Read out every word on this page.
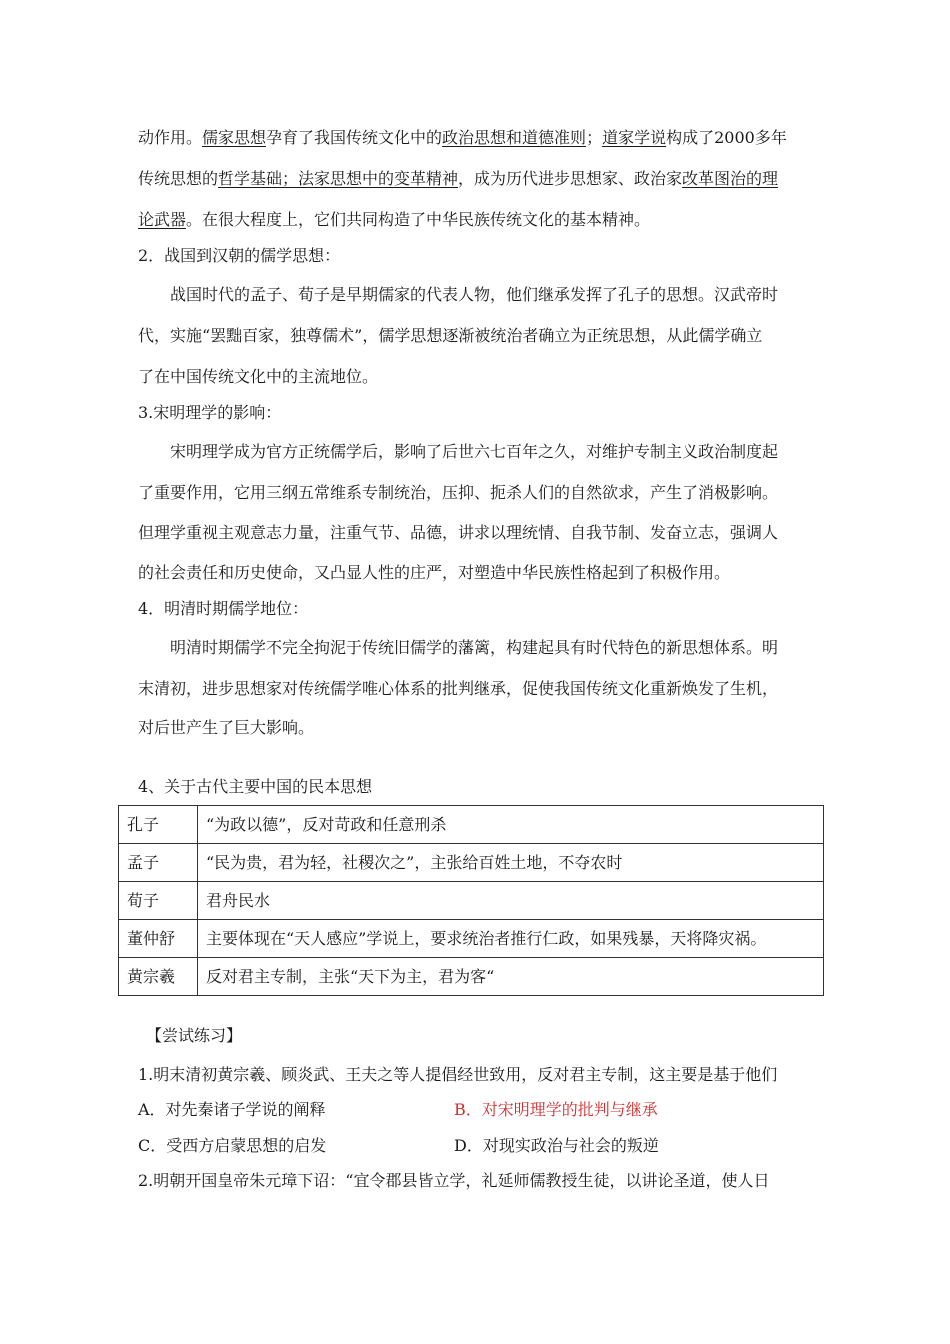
动作用。儒家思想孕育了我国传统文化中的政治思想和道德准则；道家学说构成了2000多年
传统思想的哲学基础；法家思想中的变革精神，成为历代进步思想家、政治家改革图治的理
论武器。在很大程度上，它们共同构造了中华民族传统文化的基本精神。
2．战国到汉朝的儒学思想：
战国时代的孟子、荀子是早期儒家的代表人物，他们继承发挥了孔子的思想。汉武帝时
代，实施“罢黜百家，独尊儒术”，儒学思想逐渐被统治者确立为正统思想，从此儒学确立
了在中国传统文化中的主流地位。
3.宋明理学的影响：
宋明理学成为官方正统儒学后，影响了后世六七百年之久，对维护专制主义政治制度起
了重要作用，它用三纲五常维系专制统治，压抑、扼杀人们的自然欲求，产生了消极影响。
但理学重视主观意志力量，注重气节、品德，讲求以理统情、自我节制、发奋立志，强调人
的社会责任和历史使命，又凸显人性的庄严，对塑造中华民族性格起到了积极作用。
4．明清时期儒学地位：
明清时期儒学不完全拘泥于传统旧儒学的藩篱，构建起具有时代特色的新思想体系。明
末清初，进步思想家对传统儒学唯心体系的批判继承，促使我国传统文化重新焕发了生机，
对后世产生了巨大影响。
4、关于古代主要中国的民本思想
孔子	“为政以德”，反对苛政和任意刑杀
孟子	“民为贵，君为轻，社稷次之”，主张给百姓土地，不夺农时
荀子	君舟民水
董仲舒	主要体现在“天人感应”学说上，要求统治者推行仁政，如果残暴，天将降灾祸。
黄宗羲	反对君主专制，主张“天下为主，君为客“
【尝试练习】
1.明末清初黄宗羲、顾炎武、王夫之等人提倡经世致用，反对君主专制，这主要是基于他们
A．对先秦诸子学说的阐释	B．对宋明理学的批判与继承
C．受西方启蒙思想的启发	D．对现实政治与社会的叛逆
2.明朝开国皇帝朱元璋下诏：“宜令郡县皆立学，礼延师儒教授生徒，以讲论圣道，使人日
